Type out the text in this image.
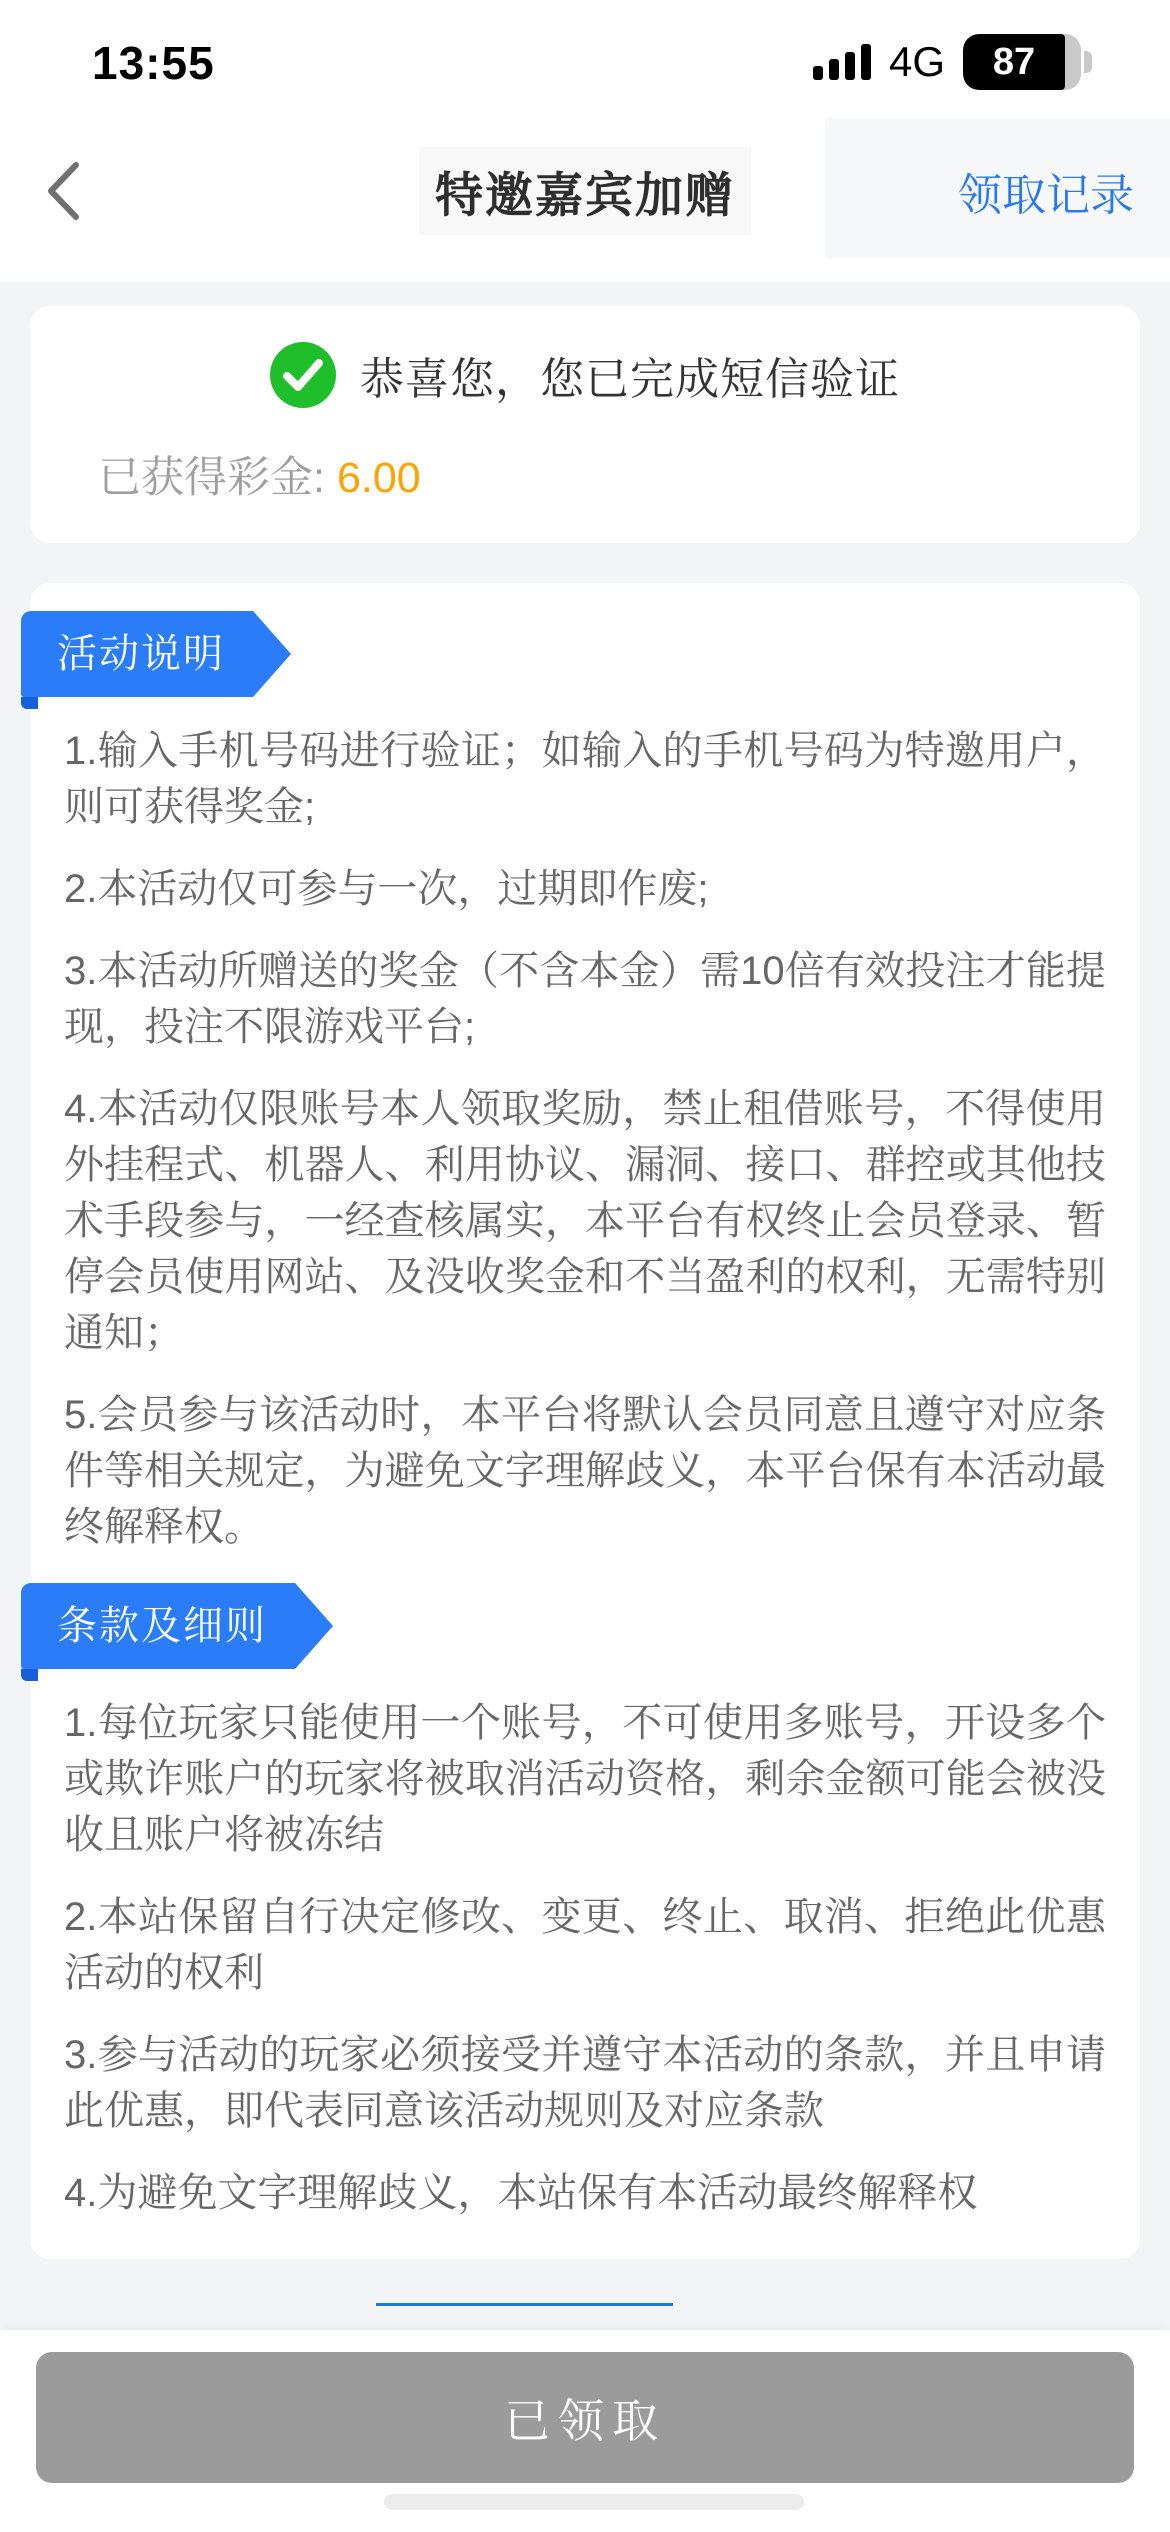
13:55	4G 87
特邀嘉宾加赠	领取记录
恭喜您，您已完成短信验证
已获得彩金: 6.00
活动说明

1.输入手机号码进行验证；如输入的手机号码为特邀用户，则可获得奖金;

2.本活动仅可参与一次，过期即作废;

3.本活动所赠送的奖金（不含本金）需10倍有效投注才能提现，投注不限游戏平台;

4.本活动仅限账号本人领取奖励，禁止租借账号，不得使用外挂程式、机器人、利用协议、漏洞、接口、群控或其他技术手段参与，一经查核属实，本平台有权终止会员登录、暂停会员使用网站、及没收奖金和不当盈利的权利，无需特别通知；

5.会员参与该活动时，本平台将默认会员同意且遵守对应条件等相关规定，为避免文字理解歧义，本平台保有本活动最终解释权。

条款及细则

1.每位玩家只能使用一个账号，不可使用多账号，开设多个或欺诈账户的玩家将被取消活动资格，剩余金额可能会被没收且账户将被冻结

2.本站保留自行决定修改、变更、终止、取消、拒绝此优惠活动的权利

3.参与活动的玩家必须接受并遵守本活动的条款，并且申请此优惠，即代表同意该活动规则及对应条款

4.为避免文字理解歧义，本站保有本活动最终解释权

已领取
